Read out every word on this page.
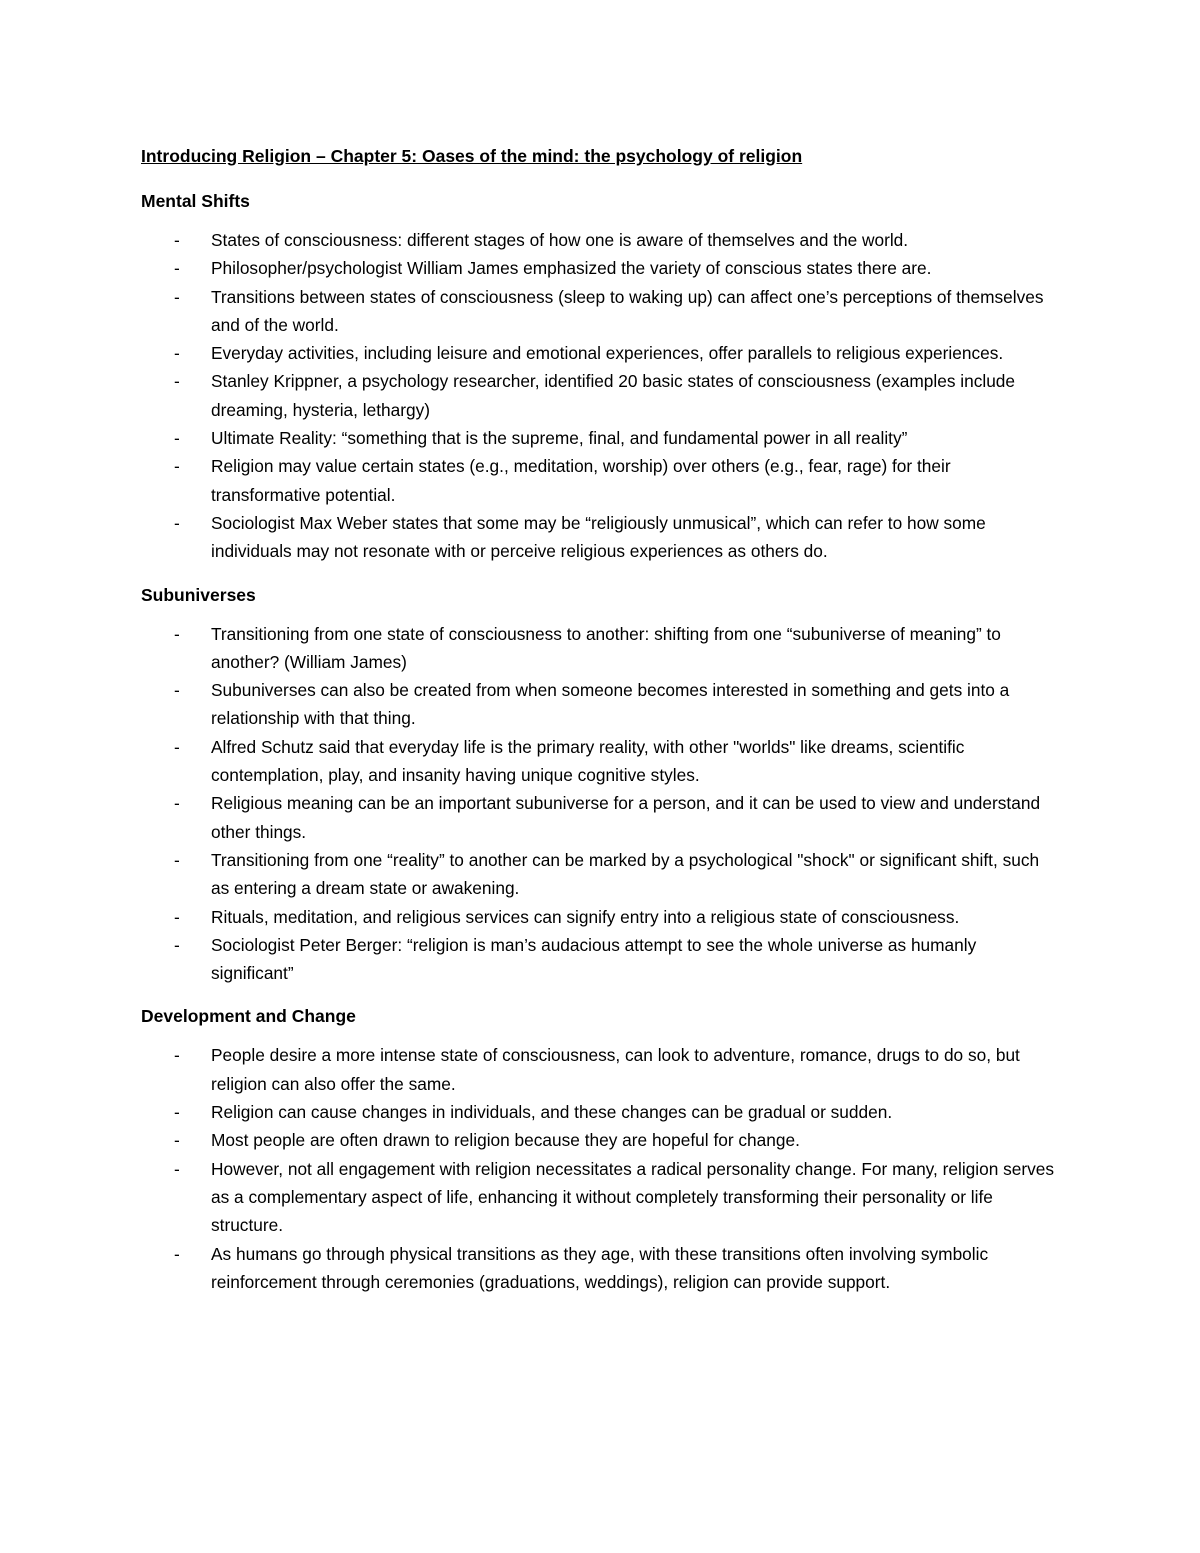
Introducing Religion – Chapter 5: Oases of the mind: the psychology of religion
Mental Shifts
- States of consciousness: different stages of how one is aware of themselves and the world.
- Philosopher/psychologist William James emphasized the variety of conscious states there are.
- Transitions between states of consciousness (sleep to waking up) can affect one’s perceptions of themselves and of the world.
- Everyday activities, including leisure and emotional experiences, offer parallels to religious experiences.
- Stanley Krippner, a psychology researcher, identified 20 basic states of consciousness (examples include dreaming, hysteria, lethargy)
- Ultimate Reality: “something that is the supreme, final, and fundamental power in all reality”
- Religion may value certain states (e.g., meditation, worship) over others (e.g., fear, rage) for their transformative potential.
- Sociologist Max Weber states that some may be “religiously unmusical”, which can refer to how some individuals may not resonate with or perceive religious experiences as others do.
Subuniverses
- Transitioning from one state of consciousness to another: shifting from one “subuniverse of meaning” to another? (William James)
- Subuniverses can also be created from when someone becomes interested in something and gets into a relationship with that thing.
- Alfred Schutz said that everyday life is the primary reality, with other "worlds" like dreams, scientific contemplation, play, and insanity having unique cognitive styles.
- Religious meaning can be an important subuniverse for a person, and it can be used to view and understand other things.
- Transitioning from one “reality” to another can be marked by a psychological "shock" or significant shift, such as entering a dream state or awakening.
- Rituals, meditation, and religious services can signify entry into a religious state of consciousness.
- Sociologist Peter Berger: “religion is man’s audacious attempt to see the whole universe as humanly significant”
Development and Change
- People desire a more intense state of consciousness, can look to adventure, romance, drugs to do so, but religion can also offer the same.
- Religion can cause changes in individuals, and these changes can be gradual or sudden.
- Most people are often drawn to religion because they are hopeful for change.
- However, not all engagement with religion necessitates a radical personality change. For many, religion serves as a complementary aspect of life, enhancing it without completely transforming their personality or life structure.
- As humans go through physical transitions as they age, with these transitions often involving symbolic reinforcement through ceremonies (graduations, weddings), religion can provide support.
